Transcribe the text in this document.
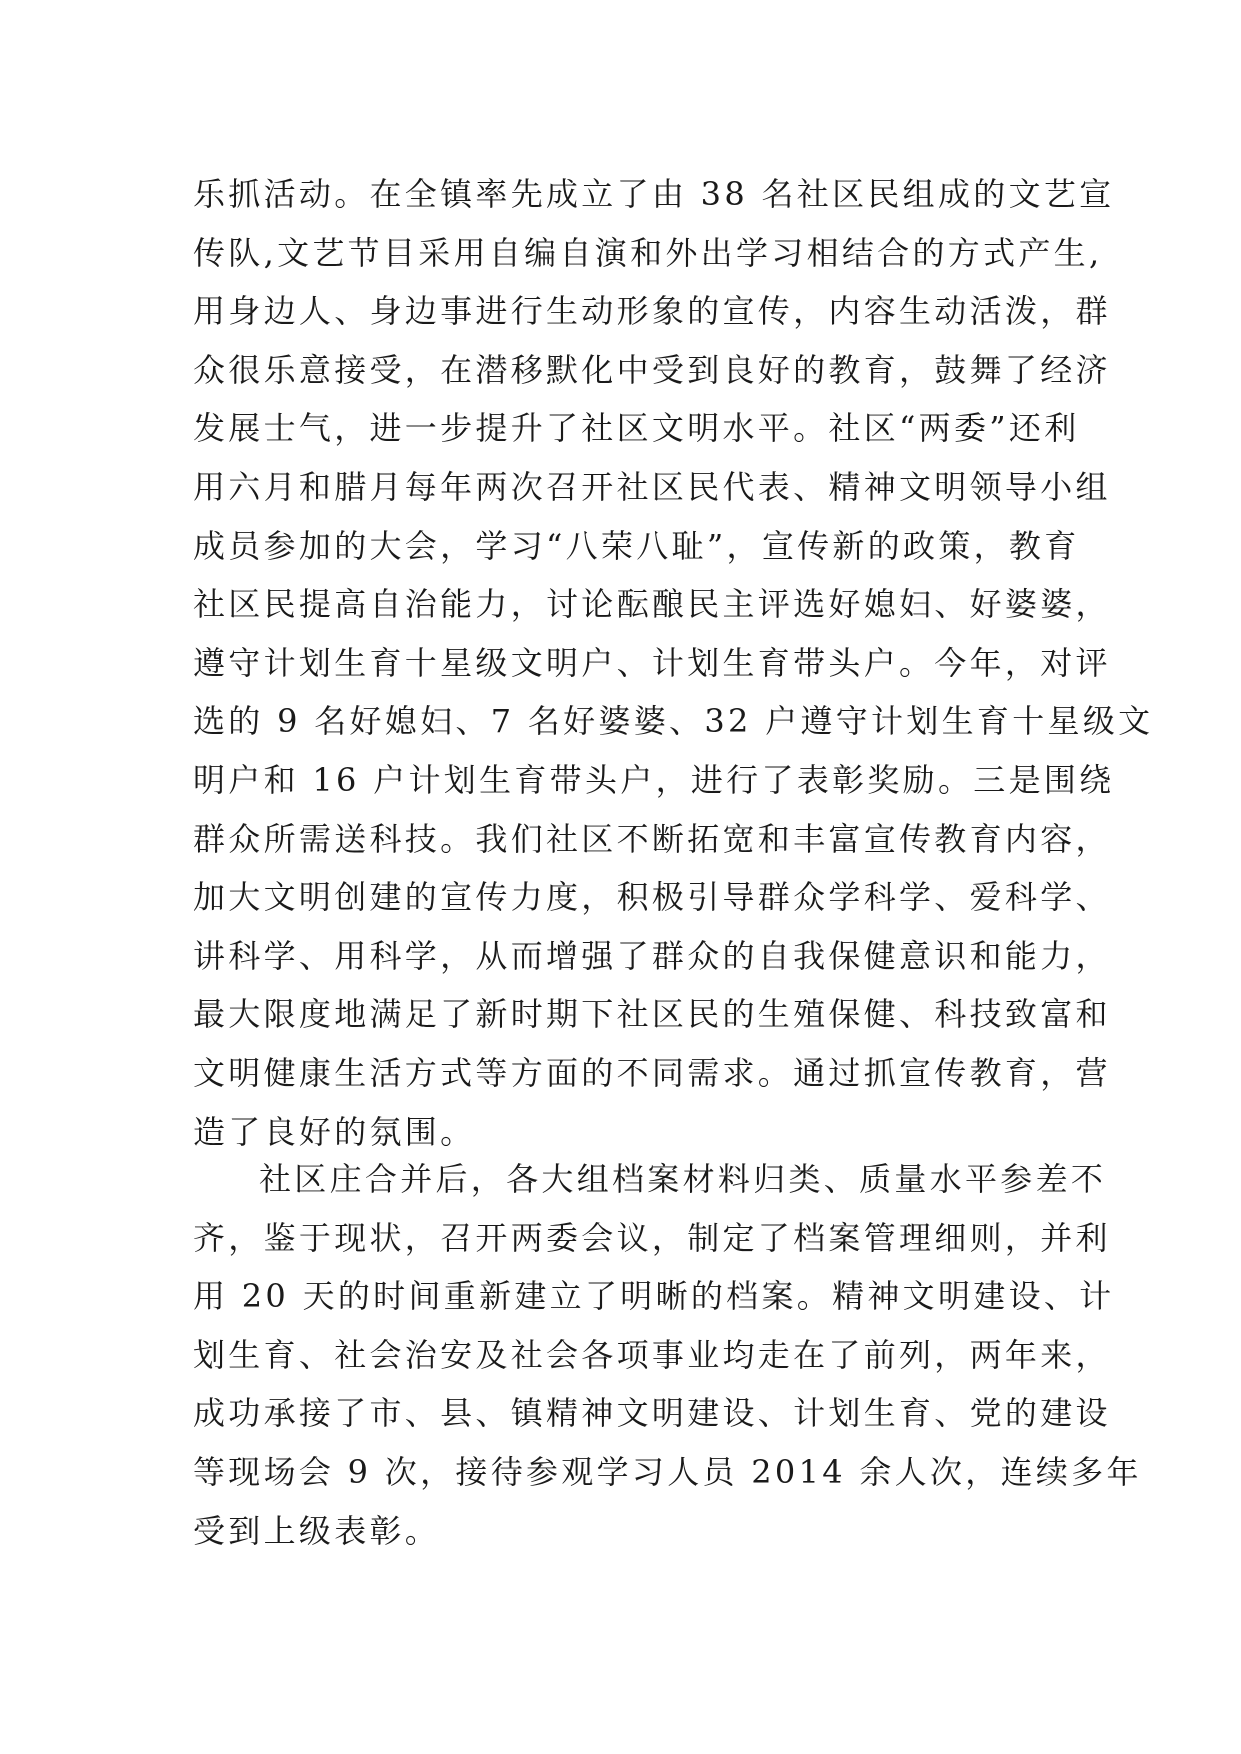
乐抓活动。在全镇率先成立了由 38 名社区民组成的文艺宣
传队,文艺节目采用自编自演和外出学习相结合的方式产生,
用身边人、身边事进行生动形象的宣传，内容生动活泼，群
众很乐意接受，在潜移默化中受到良好的教育，鼓舞了经济
发展士气，进一步提升了社区文明水平。社区“两委”还利
用六月和腊月每年两次召开社区民代表、精神文明领导小组
成员参加的大会，学习“八荣八耻”，宣传新的政策，教育
社区民提高自治能力，讨论酝酿民主评选好媳妇、好婆婆，
遵守计划生育十星级文明户、计划生育带头户。今年，对评
选的 9 名好媳妇、7 名好婆婆、32 户遵守计划生育十星级文
明户和 16 户计划生育带头户，进行了表彰奖励。三是围绕
群众所需送科技。我们社区不断拓宽和丰富宣传教育内容，
加大文明创建的宣传力度，积极引导群众学科学、爱科学、
讲科学、用科学，从而增强了群众的自我保健意识和能力，
最大限度地满足了新时期下社区民的生殖保健、科技致富和
文明健康生活方式等方面的不同需求。通过抓宣传教育，营
造了良好的氛围。
社区庄合并后，各大组档案材料归类、质量水平参差不
齐，鉴于现状，召开两委会议，制定了档案管理细则，并利
用 20 天的时间重新建立了明晰的档案。精神文明建设、计
划生育、社会治安及社会各项事业均走在了前列，两年来，
成功承接了市、县、镇精神文明建设、计划生育、党的建设
等现场会 9 次，接待参观学习人员 2014 余人次，连续多年
受到上级表彰。
